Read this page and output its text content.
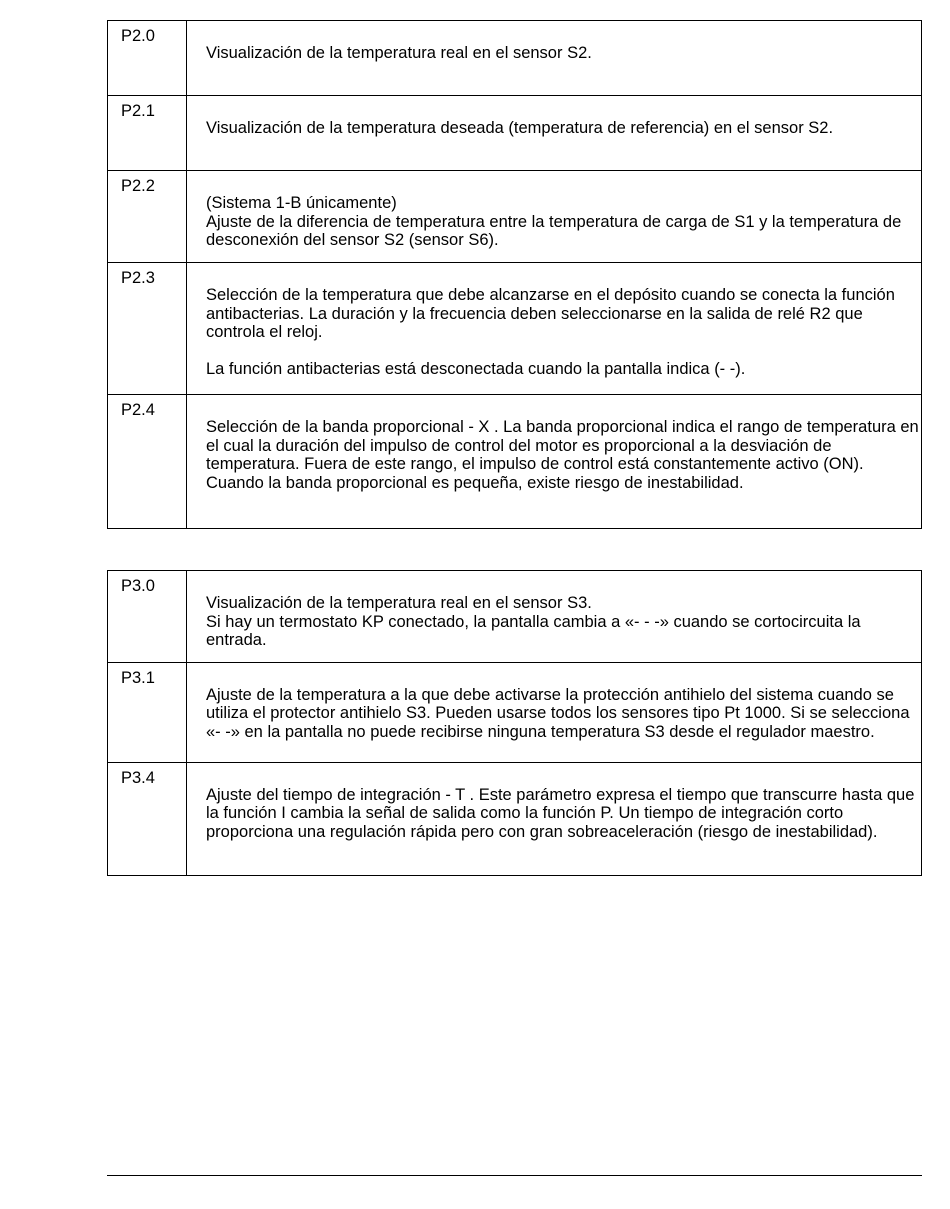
P2.0	Visualización de la temperatura real en el sensor S2.

P2.1	Visualización de la temperatura deseada (temperatura de referencia) en el sensor S2.

P2.2	(Sistema 1-B únicamente)
Ajuste de la diferencia de temperatura entre la temperatura de carga de S1 y la temperatura de desconexión del sensor S2 (sensor S6).

P2.3	Selección de la temperatura que debe alcanzarse en el depósito cuando se conecta la función antibacterias. La duración y la frecuencia deben seleccionarse en la salida de relé R2 que controla el reloj.
La función antibacterias está desconectada cuando la pantalla indica (- -).

P2.4	Selección de la banda proporcional - X . La banda proporcional indica el rango de temperatura en el cual la duración del impulso de control del motor es proporcional a la desviación de temperatura. Fuera de este rango, el impulso de control está constantemente activo (ON). Cuando la banda proporcional es pequeña, existe riesgo de inestabilidad.
P3.0	Visualización de la temperatura real en el sensor S3.
Si hay un termostato KP conectado, la pantalla cambia a «- - -» cuando se cortocircuita la entrada.

P3.1	Ajuste de la temperatura a la que debe activarse la protección antihielo del sistema cuando se utiliza el protector antihielo S3. Pueden usarse todos los sensores tipo Pt 1000. Si se selecciona «- -» en la pantalla no puede recibirse ninguna temperatura S3 desde el regulador maestro.

P3.4	Ajuste del tiempo de integración - T . Este parámetro expresa el tiempo que transcurre hasta que la función I cambia la señal de salida como la función P. Un tiempo de integración corto proporciona una regulación rápida pero con gran sobreaceleración (riesgo de inestabilidad).
